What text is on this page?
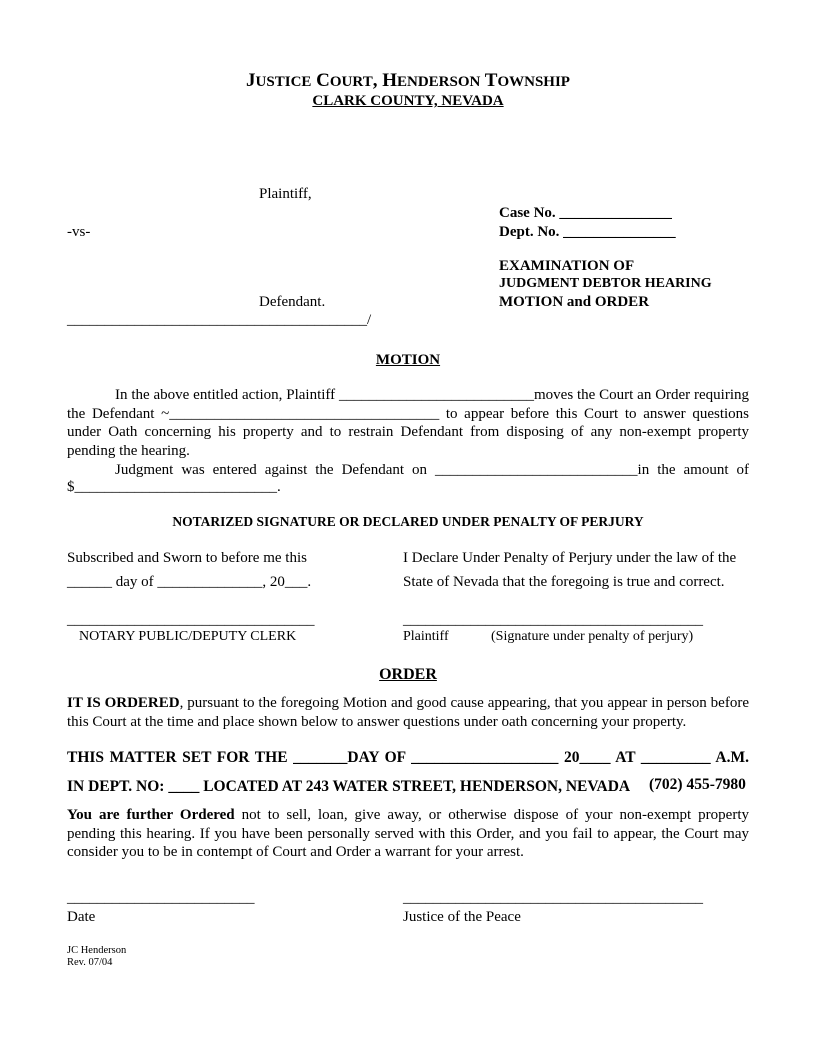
JUSTICE COURT, HENDERSON TOWNSHIP
CLARK COUNTY, NEVADA
Plaintiff,
Case No. _______________
-vs-	Dept. No. _______________
EXAMINATION OF
JUDGMENT DEBTOR HEARING
Defendant.	MOTION and ORDER
________________________________________/
MOTION
In the above entitled action, Plaintiff __________________________moves the Court an Order requiring the Defendant ~____________________________________ to appear before this Court to answer questions under Oath concerning his property and to restrain Defendant from disposing of any non-exempt property pending the hearing.
Judgment was entered against the Defendant on ___________________________in the amount of
$___________________________.
NOTARIZED SIGNATURE OR DECLARED UNDER PENALTY OF PERJURY
Subscribed and Sworn to before me this
______ day of ______________, 20___.
_________________________________
NOTARY PUBLIC/DEPUTY CLERK
I Declare Under Penalty of Perjury under the law of the
State of Nevada that the foregoing is true and correct.
________________________________________
Plaintiff	(Signature under penalty of perjury)
ORDER
IT IS ORDERED, pursuant to the foregoing Motion and good cause appearing, that you appear in person before this Court at the time and place shown below to answer questions under oath concerning your property.
THIS MATTER SET FOR THE _______DAY OF ___________________ 20____ AT _________ A.M.
IN DEPT. NO: ____ LOCATED AT 243 WATER STREET, HENDERSON, NEVADA (702) 455-7980
You are further Ordered not to sell, loan, give away, or otherwise dispose of your non-exempt property pending this hearing. If you have been personally served with this Order, and you fail to appear, the Court may consider you to be in contempt of Court and Order a warrant for your arrest.
_________________________
Date
________________________________________
Justice of the Peace
JC Henderson
Rev. 07/04
